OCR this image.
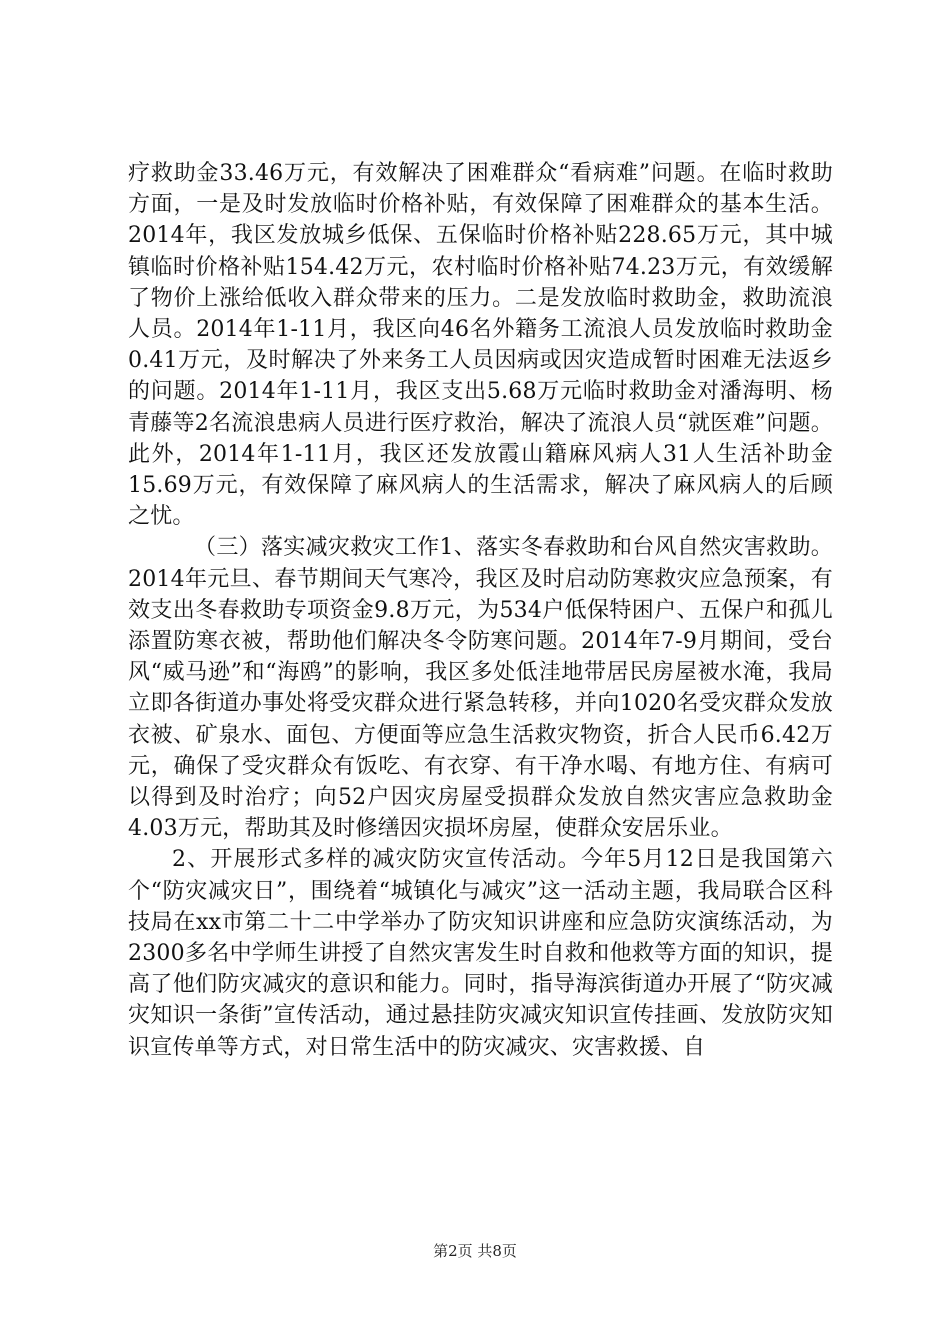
疗救助金33.46万元，有效解决了困难群众“看病难”问题。在临时救助方面，一是及时发放临时价格补贴，有效保障了困难群众的基本生活。2014年，我区发放城乡低保、五保临时价格补贴228.65万元，其中城镇临时价格补贴154.42万元，农村临时价格补贴74.23万元，有效缓解了物价上涨给低收入群众带来的压力。二是发放临时救助金，救助流浪人员。2014年1-11月，我区向46名外籍务工流浪人员发放临时救助金0.41万元，及时解决了外来务工人员因病或因灾造成暂时困难无法返乡的问题。2014年1-11月，我区支出5.68万元临时救助金对潘海明、杨青藤等2名流浪患病人员进行医疗救治，解决了流浪人员“就医难”问题。此外，2014年1-11月，我区还发放霞山籍麻风病人31人生活补助金15.69万元，有效保障了麻风病人的生活需求，解决了麻风病人的后顾之忧。

（三）落实减灾救灾工作1、落实冬春救助和台风自然灾害救助。2014年元旦、春节期间天气寒冷，我区及时启动防寒救灾应急预案，有效支出冬春救助专项资金9.8万元，为534户低保特困户、五保户和孤儿添置防寒衣被，帮助他们解决冬令防寒问题。2014年7-9月期间，受台风“威马逊”和“海鸥”的影响，我区多处低洼地带居民房屋被水淹，我局立即各街道办事处将受灾群众进行紧急转移，并向1020名受灾群众发放衣被、矿泉水、面包、方便面等应急生活救灾物资，折合人民币6.42万元，确保了受灾群众有饭吃、有衣穿、有干净水喝、有地方住、有病可以得到及时治疗；向52户因灾房屋受损群众发放自然灾害应急救助金4.03万元，帮助其及时修缮因灾损坏房屋，使群众安居乐业。

2、开展形式多样的减灾防灾宣传活动。今年5月12日是我国第六个“防灾减灾日”，围绕着“城镇化与减灾”这一活动主题，我局联合区科技局在xx市第二十二中学举办了防灾知识讲座和应急防灾演练活动，为2300多名中学师生讲授了自然灾害发生时自救和他救等方面的知识，提高了他们防灾减灾的意识和能力。同时，指导海滨街道办开展了“防灾减灾知识一条街”宣传活动，通过悬挂防灾减灾知识宣传挂画、发放防灾知识宣传单等方式，对日常生活中的防灾减灾、灾害救援、自

第2页 共8页
